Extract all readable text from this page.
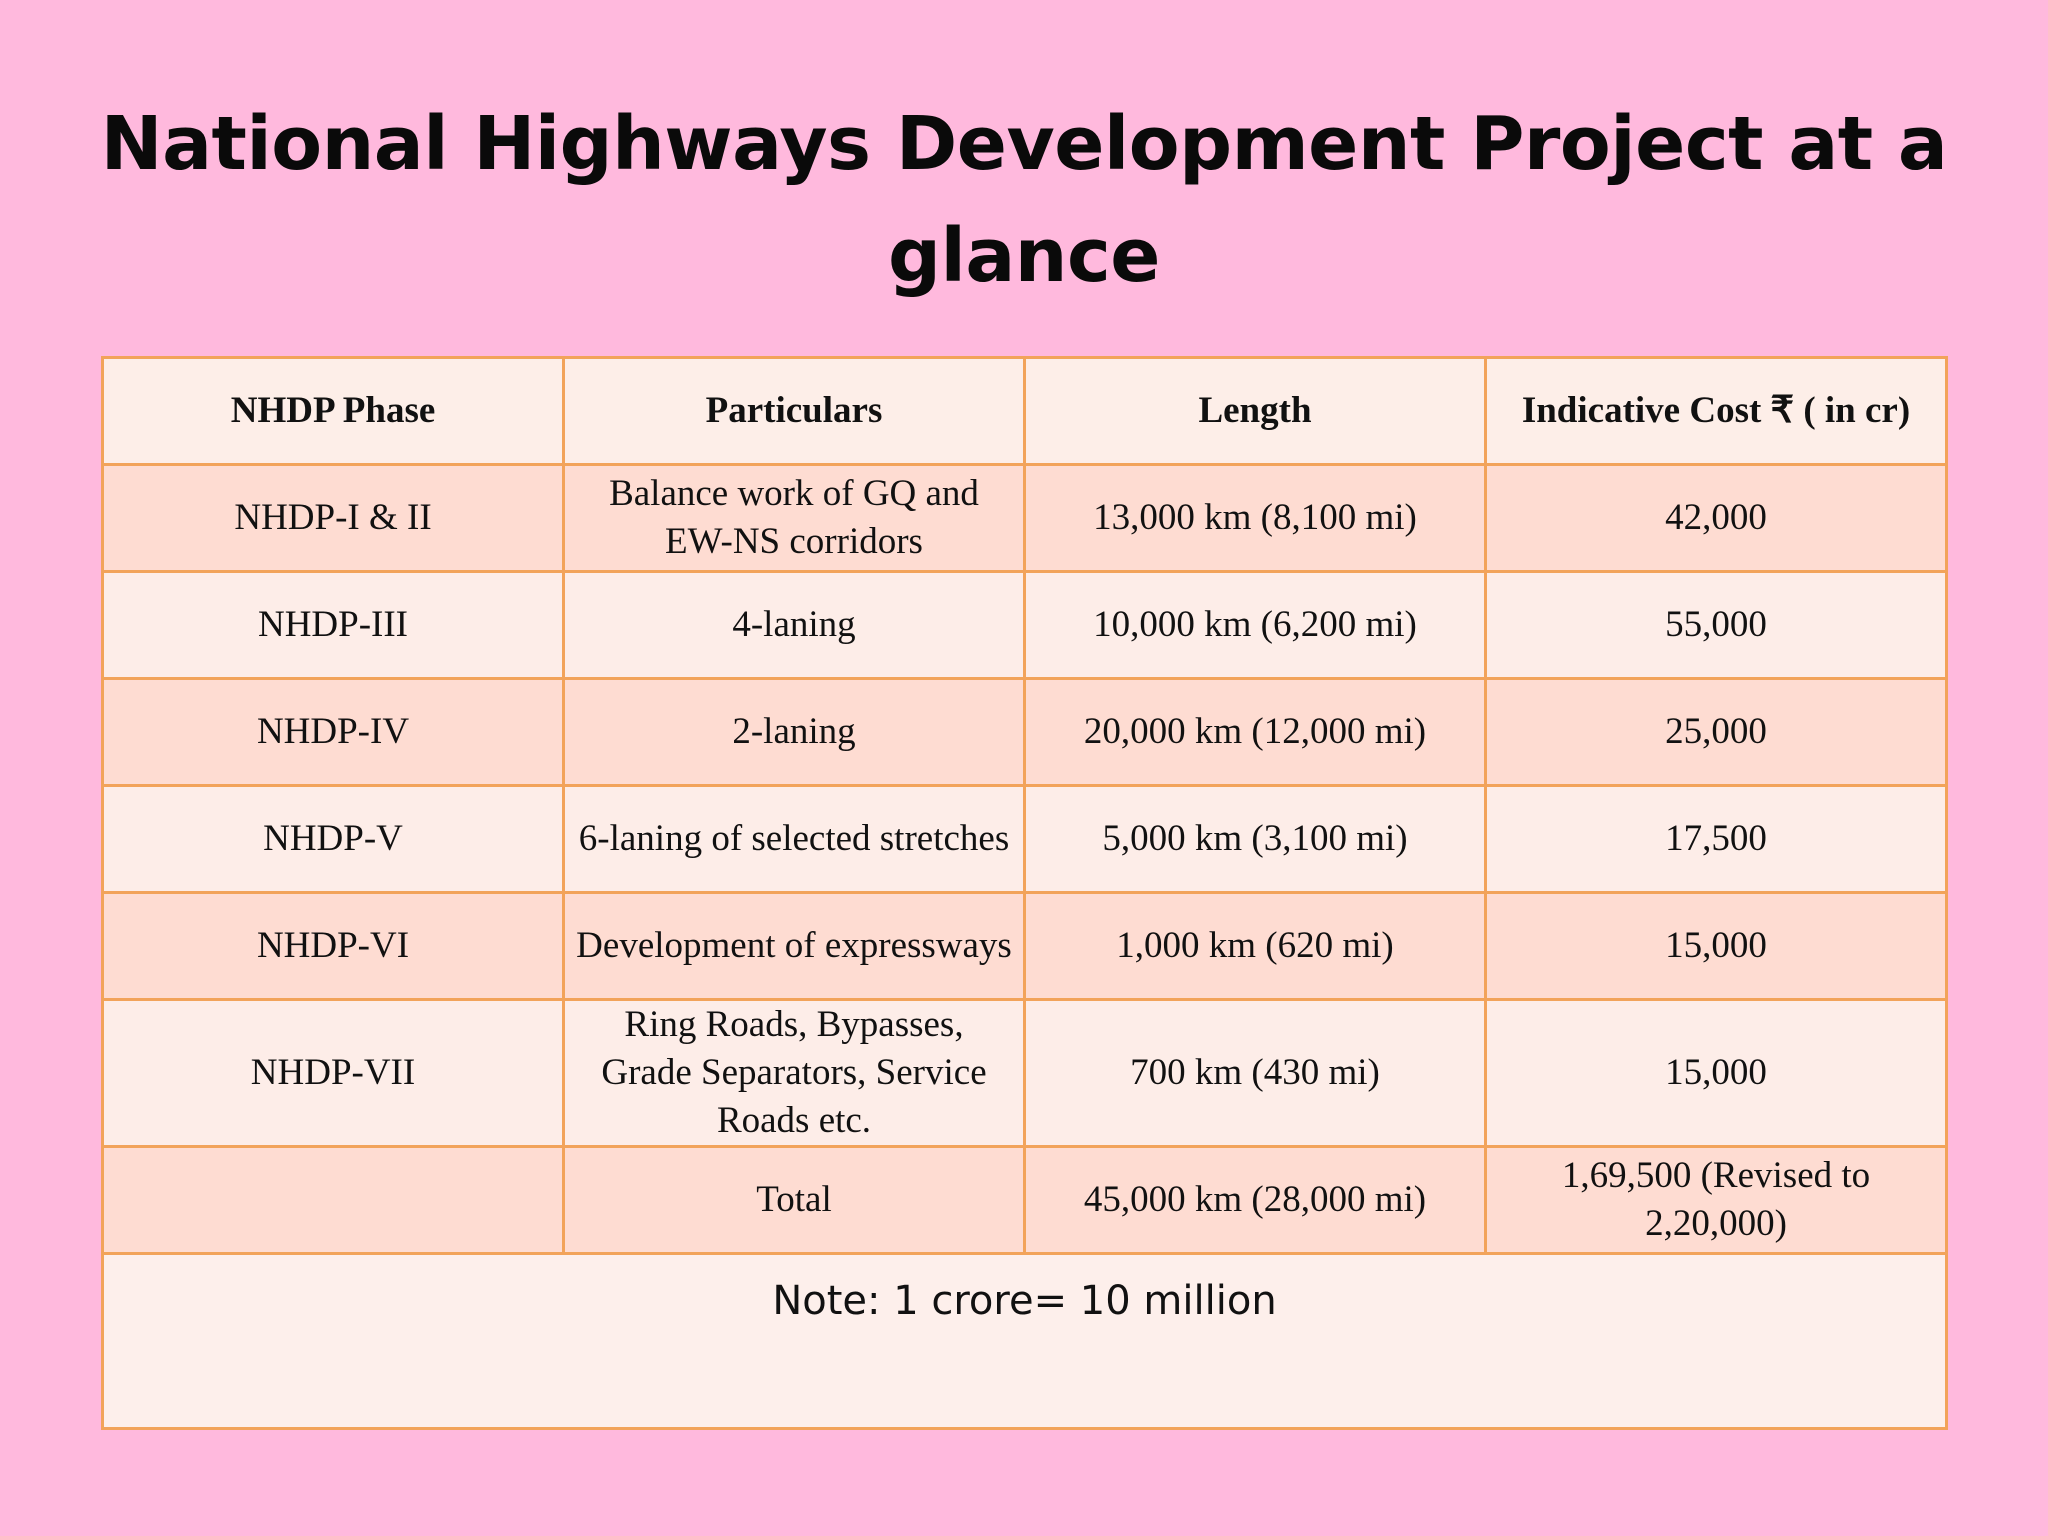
National Highways Development Project at a glance
NHDP Phase	Particulars	Length	Indicative Cost ₹ ( in cr)
NHDP-I & II	Balance work of GQ and EW-NS corridors	13,000 km (8,100 mi)	42,000
NHDP-III	4-laning	10,000 km (6,200 mi)	55,000
NHDP-IV	2-laning	20,000 km (12,000 mi)	25,000
NHDP-V	6-laning of selected stretches	5,000 km (3,100 mi)	17,500
NHDP-VI	Development of expressways	1,000 km (620 mi)	15,000
NHDP-VII	Ring Roads, Bypasses, Grade Separators, Service Roads etc.	700 km (430 mi)	15,000
	Total	45,000 km (28,000 mi)	1,69,500 (Revised to 2,20,000)
Note: 1 crore= 10 million			
